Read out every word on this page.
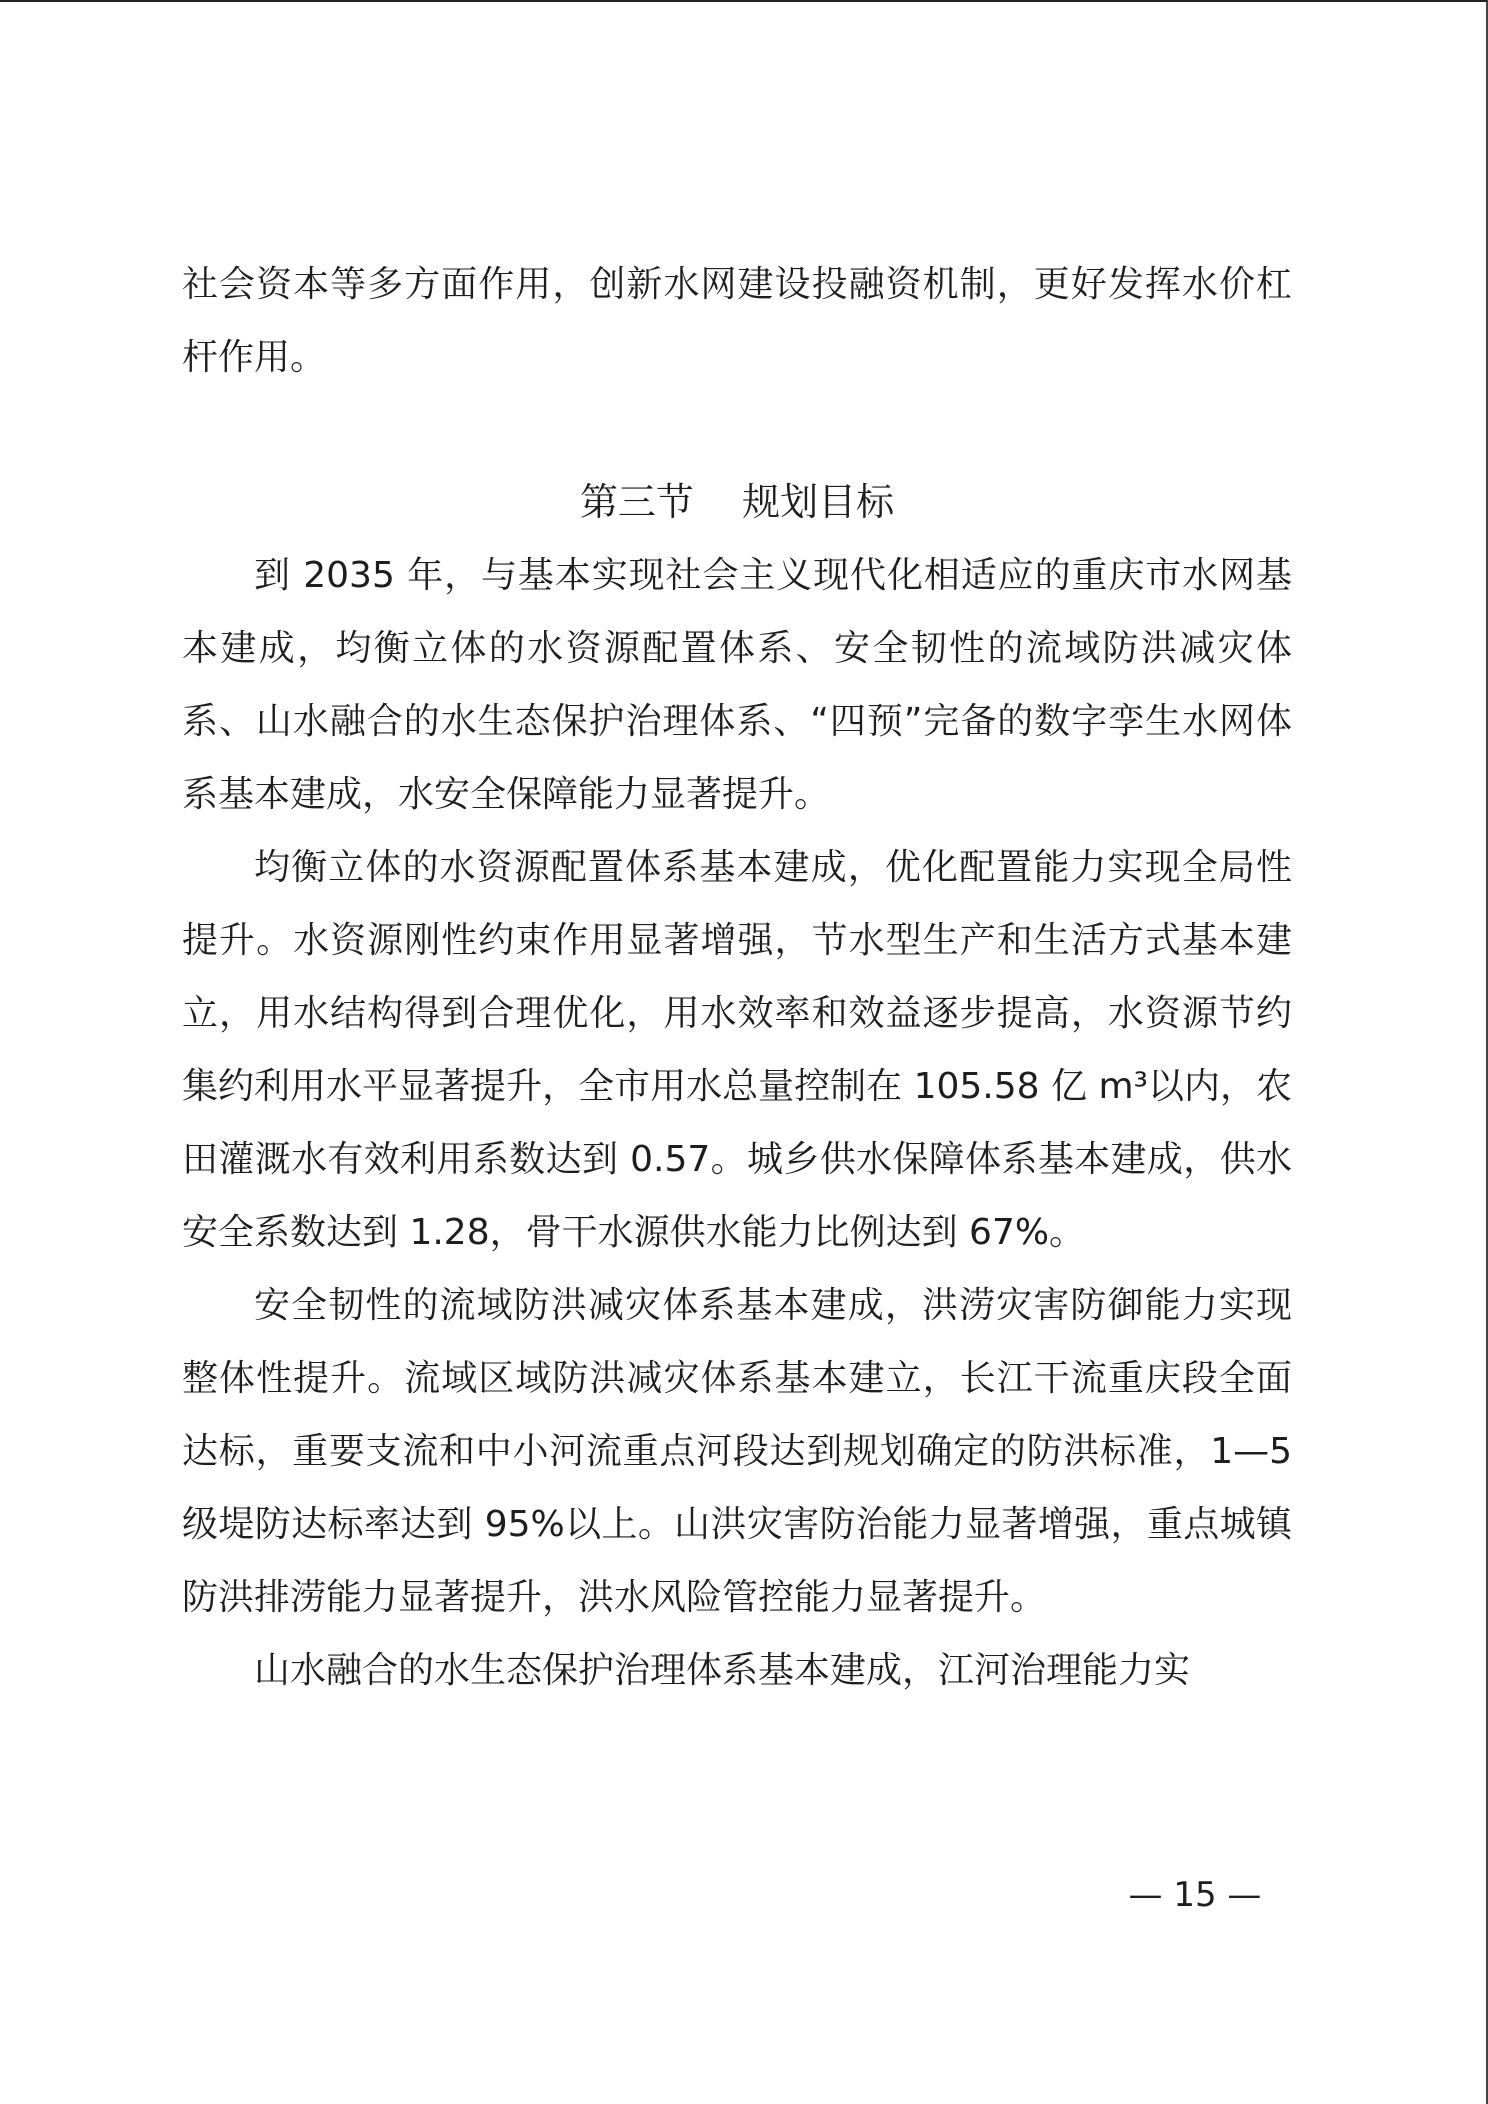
社会资本等多方面作用，创新水网建设投融资机制，更好发挥水价杠杆作用。

第三节    规划目标

到 2035 年，与基本实现社会主义现代化相适应的重庆市水网基本建成，均衡立体的水资源配置体系、安全韧性的流域防洪减灾体系、山水融合的水生态保护治理体系、“四预”完备的数字孪生水网体系基本建成，水安全保障能力显著提升。

均衡立体的水资源配置体系基本建成，优化配置能力实现全局性提升。水资源刚性约束作用显著增强，节水型生产和生活方式基本建立，用水结构得到合理优化，用水效率和效益逐步提高，水资源节约集约利用水平显著提升，全市用水总量控制在 105.58 亿 m³以内，农田灌溉水有效利用系数达到 0.57。城乡供水保障体系基本建成，供水安全系数达到 1.28，骨干水源供水能力比例达到 67%。

安全韧性的流域防洪减灾体系基本建成，洪涝灾害防御能力实现整体性提升。流域区域防洪减灾体系基本建立，长江干流重庆段全面达标，重要支流和中小河流重点河段达到规划确定的防洪标准，1—5 级堤防达标率达到 95%以上。山洪灾害防治能力显著增强，重点城镇防洪排涝能力显著提升，洪水风险管控能力显著提升。

山水融合的水生态保护治理体系基本建成，江河治理能力实

— 15 —
